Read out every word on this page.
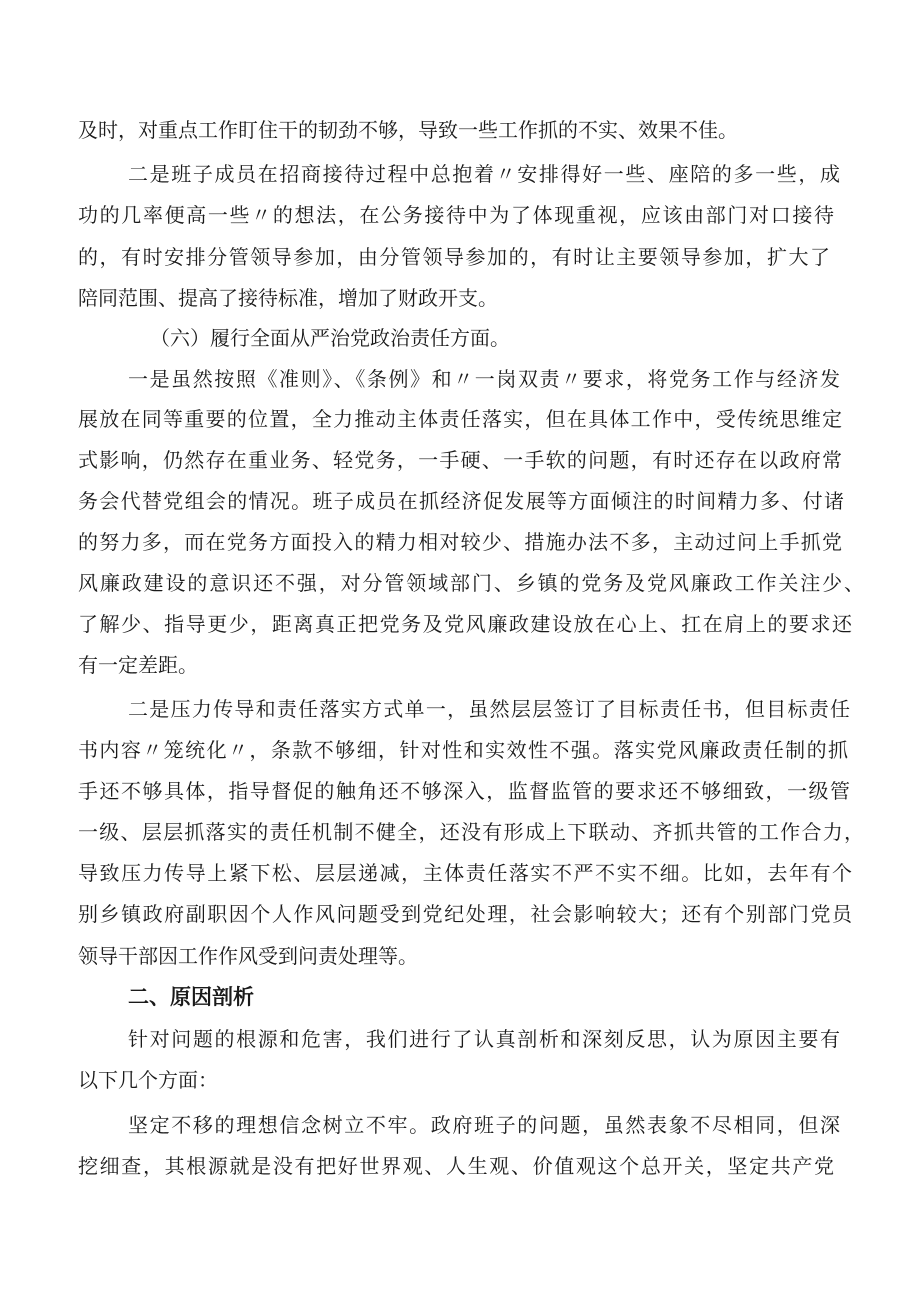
及时，对重点工作盯住干的韧劲不够，导致一些工作抓的不实、效果不佳。
二是班子成员在招商接待过程中总抱着〃安排得好一些、座陪的多一些，成
功的几率便高一些〃的想法，在公务接待中为了体现重视，应该由部门对口接待
的，有时安排分管领导参加，由分管领导参加的，有时让主要领导参加，扩大了
陪同范围、提高了接待标准，增加了财政开支。
（六）履行全面从严治党政治责任方面。
一是虽然按照《准则》、《条例》和〃一岗双责〃要求，将党务工作与经济发
展放在同等重要的位置，全力推动主体责任落实，但在具体工作中，受传统思维定
式影响，仍然存在重业务、轻党务，一手硬、一手软的问题，有时还存在以政府常
务会代替党组会的情况。班子成员在抓经济促发展等方面倾注的时间精力多、付诸
的努力多，而在党务方面投入的精力相对较少、措施办法不多，主动过问上手抓党
风廉政建设的意识还不强，对分管领域部门、乡镇的党务及党风廉政工作关注少、
了解少、指导更少，距离真正把党务及党风廉政建设放在心上、扛在肩上的要求还
有一定差距。
二是压力传导和责任落实方式单一，虽然层层签订了目标责任书，但目标责任
书内容〃笼统化〃，条款不够细，针对性和实效性不强。落实党风廉政责任制的抓
手还不够具体，指导督促的触角还不够深入，监督监管的要求还不够细致，一级管
一级、层层抓落实的责任机制不健全，还没有形成上下联动、齐抓共管的工作合力，
导致压力传导上紧下松、层层递减，主体责任落实不严不实不细。比如，去年有个
别乡镇政府副职因个人作风问题受到党纪处理，社会影响较大；还有个别部门党员
领导干部因工作作风受到问责处理等。
二、原因剖析
针对问题的根源和危害，我们进行了认真剖析和深刻反思，认为原因主要有
以下几个方面：
坚定不移的理想信念树立不牢。政府班子的问题，虽然表象不尽相同，但深
挖细查，其根源就是没有把好世界观、人生观、价值观这个总开关，坚定共产党
